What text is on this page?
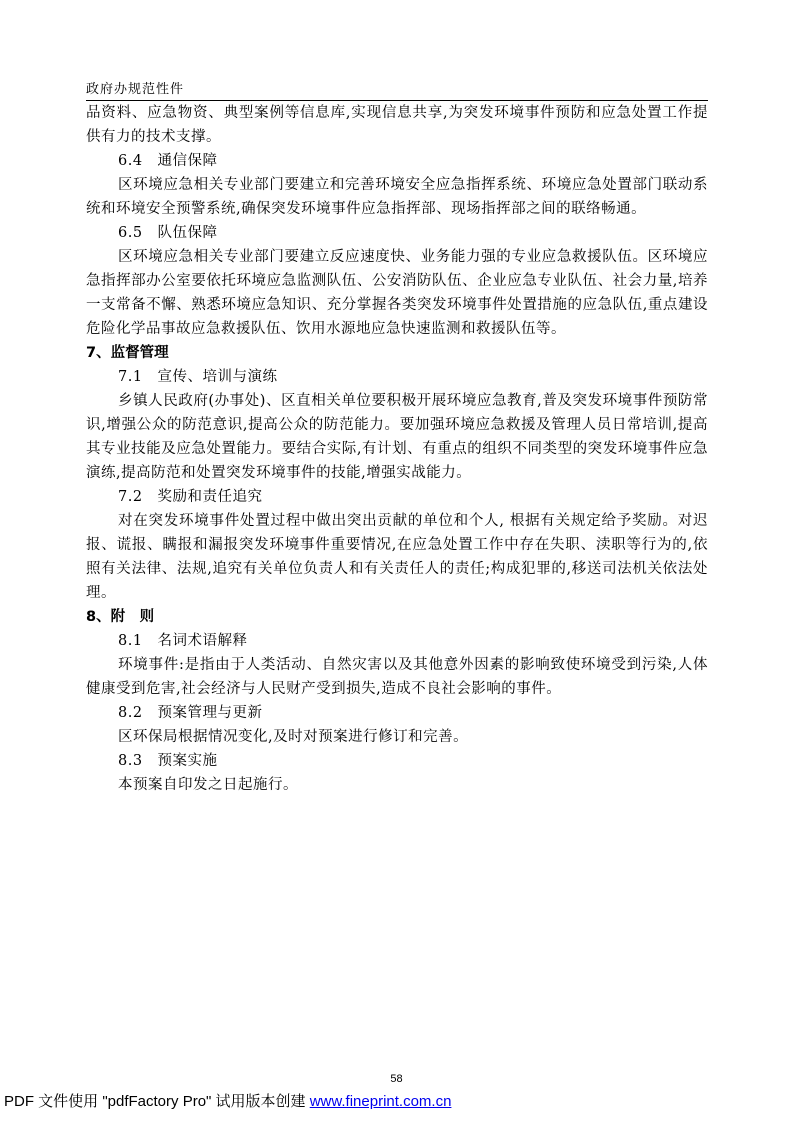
政府办规范性件

品资料、应急物资、典型案例等信息库,实现信息共享,为突发环境事件预防和应急处置工作提供有力的技术支撑。

6.4　通信保障

区环境应急相关专业部门要建立和完善环境安全应急指挥系统、环境应急处置部门联动系统和环境安全预警系统,确保突发环境事件应急指挥部、现场指挥部之间的联络畅通。

6.5　队伍保障

区环境应急相关专业部门要建立反应速度快、业务能力强的专业应急救援队伍。区环境应急指挥部办公室要依托环境应急监测队伍、公安消防队伍、企业应急专业队伍、社会力量,培养一支常备不懈、熟悉环境应急知识、充分掌握各类突发环境事件处置措施的应急队伍,重点建设危险化学品事故应急救援队伍、饮用水源地应急快速监测和救援队伍等。

7、监督管理

7.1　宣传、培训与演练

乡镇人民政府(办事处)、区直相关单位要积极开展环境应急教育,普及突发环境事件预防常识,增强公众的防范意识,提高公众的防范能力。要加强环境应急救援及管理人员日常培训,提高其专业技能及应急处置能力。要结合实际,有计划、有重点的组织不同类型的突发环境事件应急演练,提高防范和处置突发环境事件的技能,增强实战能力。

7.2　奖励和责任追究

对在突发环境事件处置过程中做出突出贡献的单位和个人, 根据有关规定给予奖励。对迟报、谎报、瞒报和漏报突发环境事件重要情况,在应急处置工作中存在失职、渎职等行为的,依照有关法律、法规,追究有关单位负责人和有关责任人的责任;构成犯罪的,移送司法机关依法处理。

8、附　则

8.1　名词术语解释

环境事件:是指由于人类活动、自然灾害以及其他意外因素的影响致使环境受到污染,人体健康受到危害,社会经济与人民财产受到损失,造成不良社会影响的事件。

8.2　预案管理与更新

区环保局根据情况变化,及时对预案进行修订和完善。

8.3　预案实施

本预案自印发之日起施行。

58
PDF 文件使用 "pdfFactory Pro" 试用版本创建 www.fineprint.com.cn
